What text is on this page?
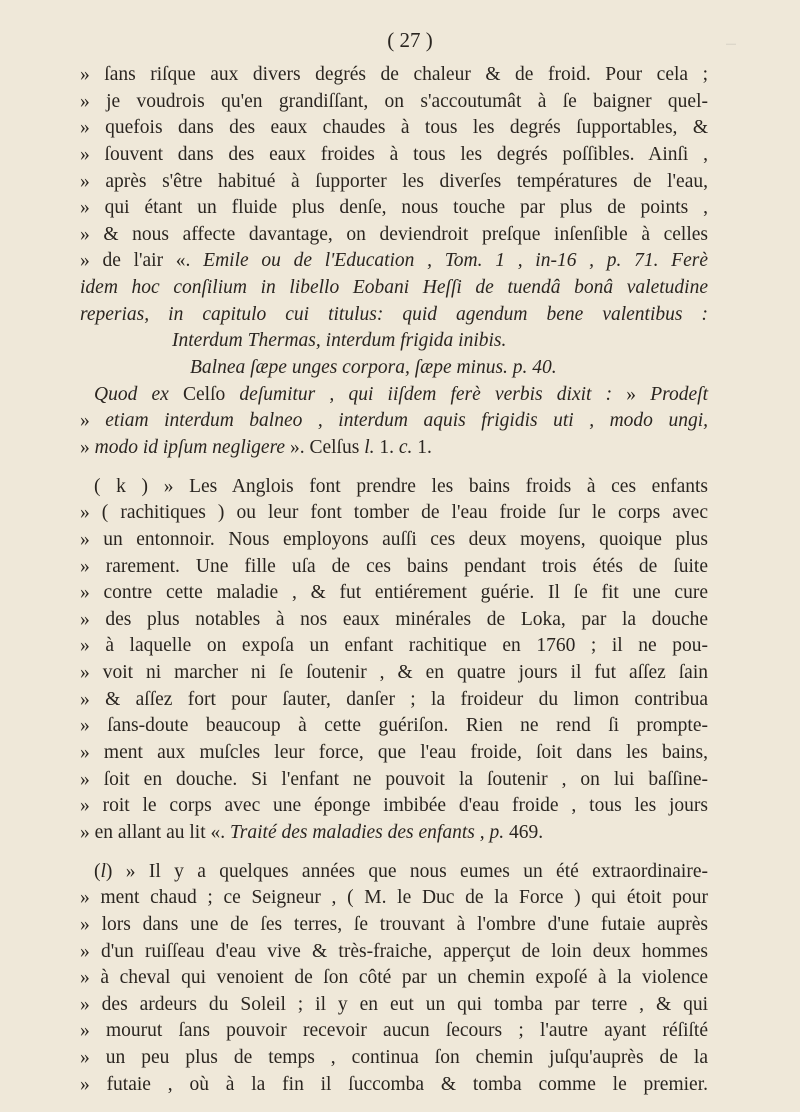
( 27 )	·····
» ſans riſque aux divers degrés de chaleur & de froid. Pour cela ;
» je voudrois qu'en grandiſſant, on s'accoutumât à ſe baigner quel-
» quefois dans des eaux chaudes à tous les degrés ſupportables, &
» ſouvent dans des eaux froides à tous les degrés poſſibles. Ainſi ,
» après s'être habitué à ſupporter les diverſes températures de l'eau,
» qui étant un fluide plus denſe, nous touche par plus de points ,
» & nous affecte davantage, on deviendroit preſque inſenſible à celles
» de l'air «. Emile ou de l'Education , Tom. 1 , in-16 , p. 71. Ferè
idem hoc conſilium in libello Eobani Heſſi de tuendâ bonâ valetudine
reperias, in capitulo cui titulus: quid agendum bene valentibus :
Interdum Thermas, interdum frigida inibis.
Balnea ſæpe unges corpora, ſæpe minus. p. 40.
Quod ex Celſo deſumitur , qui iiſdem ferè verbis dixit : » Prodeſt
» etiam interdum balneo , interdum aquis frigidis uti , modo ungi,
» modo id ipſum negligere ». Celſus l. 1. c. 1.
( k ) » Les Anglois font prendre les bains froids à ces enfants
» ( rachitiques ) ou leur font tomber de l'eau froide ſur le corps avec
» un entonnoir. Nous employons auſſi ces deux moyens, quoique plus
» rarement. Une fille uſa de ces bains pendant trois étés de ſuite
» contre cette maladie , & fut entiérement guérie. Il ſe fit une cure
» des plus notables à nos eaux minérales de Loka, par la douche
» à laquelle on expoſa un enfant rachitique en 1760 ; il ne pou-
» voit ni marcher ni ſe ſoutenir , & en quatre jours il fut aſſez ſain
» & aſſez fort pour ſauter, danſer ; la froideur du limon contribua
» ſans-doute beaucoup à cette guériſon. Rien ne rend ſi prompte-
» ment aux muſcles leur force, que l'eau froide, ſoit dans les bains,
» ſoit en douche. Si l'enfant ne pouvoit la ſoutenir , on lui baſſine-
» roit le corps avec une éponge imbibée d'eau froide , tous les jours
» en allant au lit «. Traité des maladies des enfants , p. 469.
(l) » Il y a quelques années que nous eumes un été extraordinaire-
» ment chaud ; ce Seigneur , ( M. le Duc de la Force ) qui étoit pour
» lors dans une de ſes terres, ſe trouvant à l'ombre d'une futaie auprès
» d'un ruiſſeau d'eau vive & très-fraiche, apperçut de loin deux hommes
» à cheval qui venoient de ſon côté par un chemin expoſé à la violence
» des ardeurs du Soleil ; il y en eut un qui tomba par terre , & qui
» mourut ſans pouvoir recevoir aucun ſecours ; l'autre ayant réſiſté
» un peu plus de temps , continua ſon chemin juſqu'auprès de la
» futaie , où à la fin il ſuccomba & tomba comme le premier.
